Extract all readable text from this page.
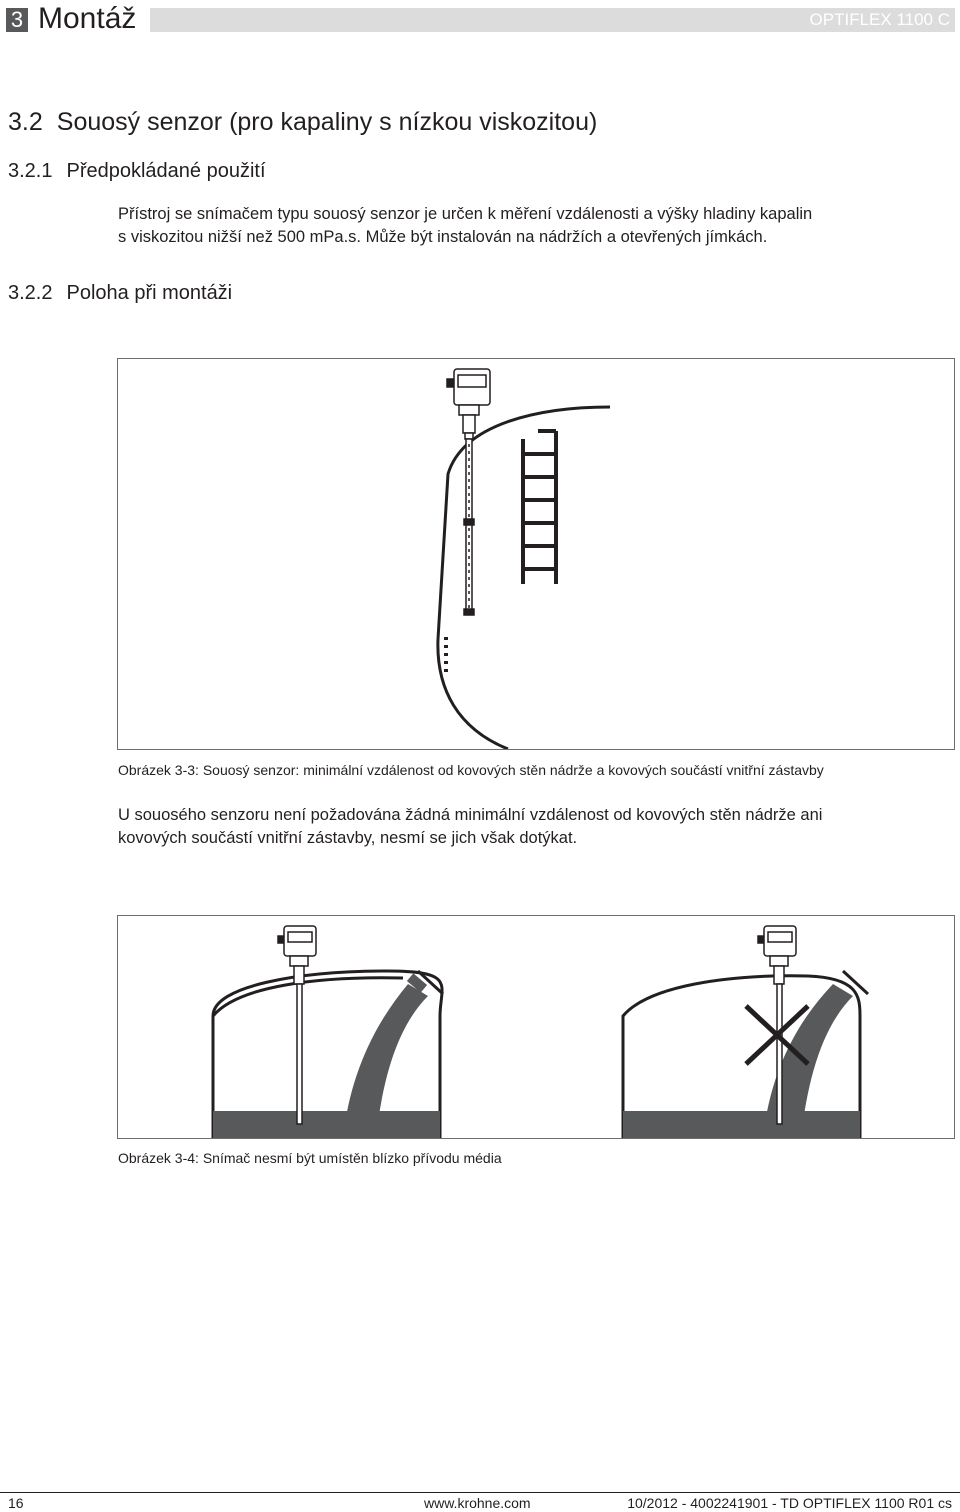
3 Montáž	OPTIFLEX 1100 C
3.2 Souosý senzor (pro kapaliny s nízkou viskozitou)
3.2.1 Předpokládané použití
Přístroj se snímačem typu souosý senzor je určen k měření vzdálenosti a výšky hladiny kapalin
s viskozitou nižší než 500 mPa.s. Může být instalován na nádržích a otevřených jímkách.
3.2.2 Poloha při montáži
Obrázek 3-3: Souosý senzor: minimální vzdálenost od kovových stěn nádrže a kovových součástí vnitřní zástavby
U souosého senzoru není požadována žádná minimální vzdálenost od kovových stěn nádrže ani
kovových součástí vnitřní zástavby, nesmí se jich však dotýkat.
Obrázek 3-4: Snímač nesmí být umístěn blízko přívodu média
16	www.krohne.com	10/2012 - 4002241901 - TD OPTIFLEX 1100 R01 cs
